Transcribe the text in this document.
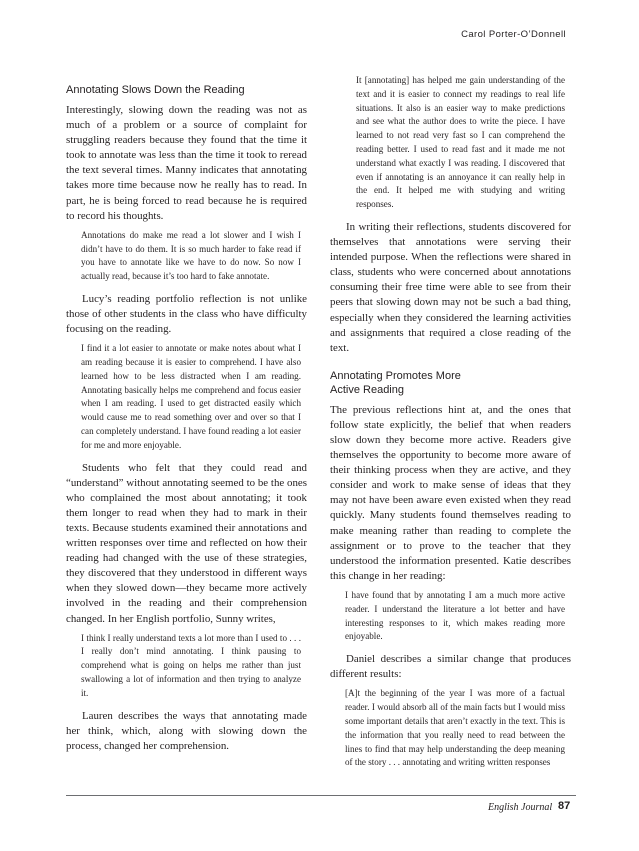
Carol Porter-O’Donnell
Annotating Slows Down the Reading

Interestingly, slowing down the reading was not as much of a problem or a source of complaint for struggling readers because they found that the time it took to annotate was less than the time it took to reread the text several times. Manny indicates that annotating takes more time because now he really has to read. In part, he is being forced to read because he is required to record his thoughts.

Annotations do make me read a lot slower and I wish I didn’t have to do them. It is so much harder to fake read if you have to annotate like we have to do now. So now I actually read, because it’s too hard to fake annotate.

Lucy’s reading portfolio reflection is not unlike those of other students in the class who have difficulty focusing on the reading.

I find it a lot easier to annotate or make notes about what I am reading because it is easier to comprehend. I have also learned how to be less distracted when I am reading. Annotating basically helps me comprehend and focus easier when I am reading. I used to get distracted easily which would cause me to read something over and over so that I can completely understand. I have found reading a lot easier for me and more enjoyable.

Students who felt that they could read and “understand” without annotating seemed to be the ones who complained the most about annotating; it took them longer to read when they had to mark in their texts. Because students examined their annotations and written responses over time and reflected on how their reading had changed with the use of these strategies, they discovered that they understood in different ways when they slowed down—they became more actively involved in the reading and their comprehension changed. In her English portfolio, Sunny writes,

I think I really understand texts a lot more than I used to . . . I really don’t mind annotating. I think pausing to comprehend what is going on helps me rather than just swallowing a lot of information and then trying to analyze it.

Lauren describes the ways that annotating made her think, which, along with slowing down the process, changed her comprehension.

It [annotating] has helped me gain understanding of the text and it is easier to connect my readings to real life situations. It also is an easier way to make predictions and see what the author does to write the piece. I have learned to not read very fast so I can comprehend the reading better. I used to read fast and it made me not understand what exactly I was reading. I discovered that even if annotating is an annoyance it can really help in the end. It helped me with studying and writing responses.

In writing their reflections, students discovered for themselves that annotations were serving their intended purpose. When the reflections were shared in class, students who were concerned about annotations consuming their free time were able to see from their peers that slowing down may not be such a bad thing, especially when they considered the learning activities and assignments that required a close reading of the text.

Annotating Promotes More
Active Reading

The previous reflections hint at, and the ones that follow state explicitly, the belief that when readers slow down they become more active. Readers give themselves the opportunity to become more aware of their thinking process when they are active, and they consider and work to make sense of ideas that they may not have been aware even existed when they read quickly. Many students found themselves reading to make meaning rather than reading to complete the assignment or to prove to the teacher that they understood the information presented. Katie describes this change in her reading:

I have found that by annotating I am a much more active reader. I understand the literature a lot better and have interesting responses to it, which makes reading more enjoyable.

Daniel describes a similar change that produces different results:

[A]t the beginning of the year I was more of a factual reader. I would absorb all of the main facts but I would miss some important details that aren’t exactly in the text. This is the information that you really need to read between the lines to find that may help understanding the deep meaning of the story . . . annotating and writing written responses

English Journal 87
